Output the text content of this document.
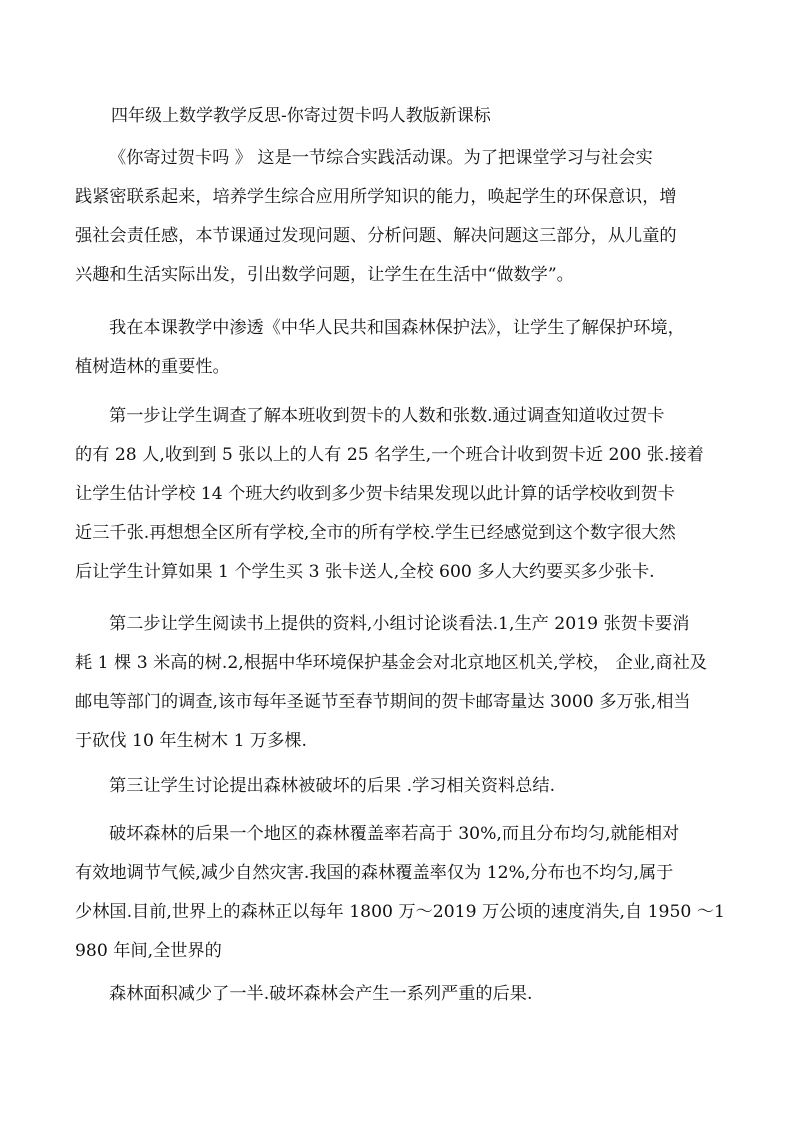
四年级上数学教学反思-你寄过贺卡吗人教版新课标
《你寄过贺卡吗 》 这是一节综合实践活动课。为了把课堂学习与社会实
践紧密联系起来，培养学生综合应用所学知识的能力，唤起学生的环保意识，增
强社会责任感，本节课通过发现问题、分析问题、解决问题这三部分，从儿童的
兴趣和生活实际出发，引出数学问题，让学生在生活中“做数学”。
我在本课教学中渗透《中华人民共和国森林保护法》，让学生了解保护环境，
植树造林的重要性。
第一步让学生调查了解本班收到贺卡的人数和张数.通过调查知道收过贺卡
的有 28 人,收到到 5 张以上的人有 25 名学生,一个班合计收到贺卡近 200 张.接着
让学生估计学校 14 个班大约收到多少贺卡结果发现以此计算的话学校收到贺卡
近三千张.再想想全区所有学校,全市的所有学校.学生已经感觉到这个数字很大然
后让学生计算如果 1 个学生买 3 张卡送人,全校 600 多人大约要买多少张卡.
第二步让学生阅读书上提供的资料,小组讨论谈看法.1,生产 2019 张贺卡要消
耗 1 棵 3 米高的树.2,根据中华环境保护基金会对北京地区机关,学校， 企业,商社及
邮电等部门的调查,该市每年圣诞节至春节期间的贺卡邮寄量达 3000 多万张,相当
于砍伐 10 年生树木 1 万多棵.
第三让学生讨论提出森林被破坏的后果 .学习相关资料总结.
破坏森林的后果一个地区的森林覆盖率若高于 30%,而且分布均匀,就能相对
有效地调节气候,减少自然灾害.我国的森林覆盖率仅为 12%,分布也不均匀,属于
少林国.目前,世界上的森林正以每年 1800 万～2019 万公顷的速度消失,自 1950 ～1
980 年间,全世界的
森林面积减少了一半.破坏森林会产生一系列严重的后果.
